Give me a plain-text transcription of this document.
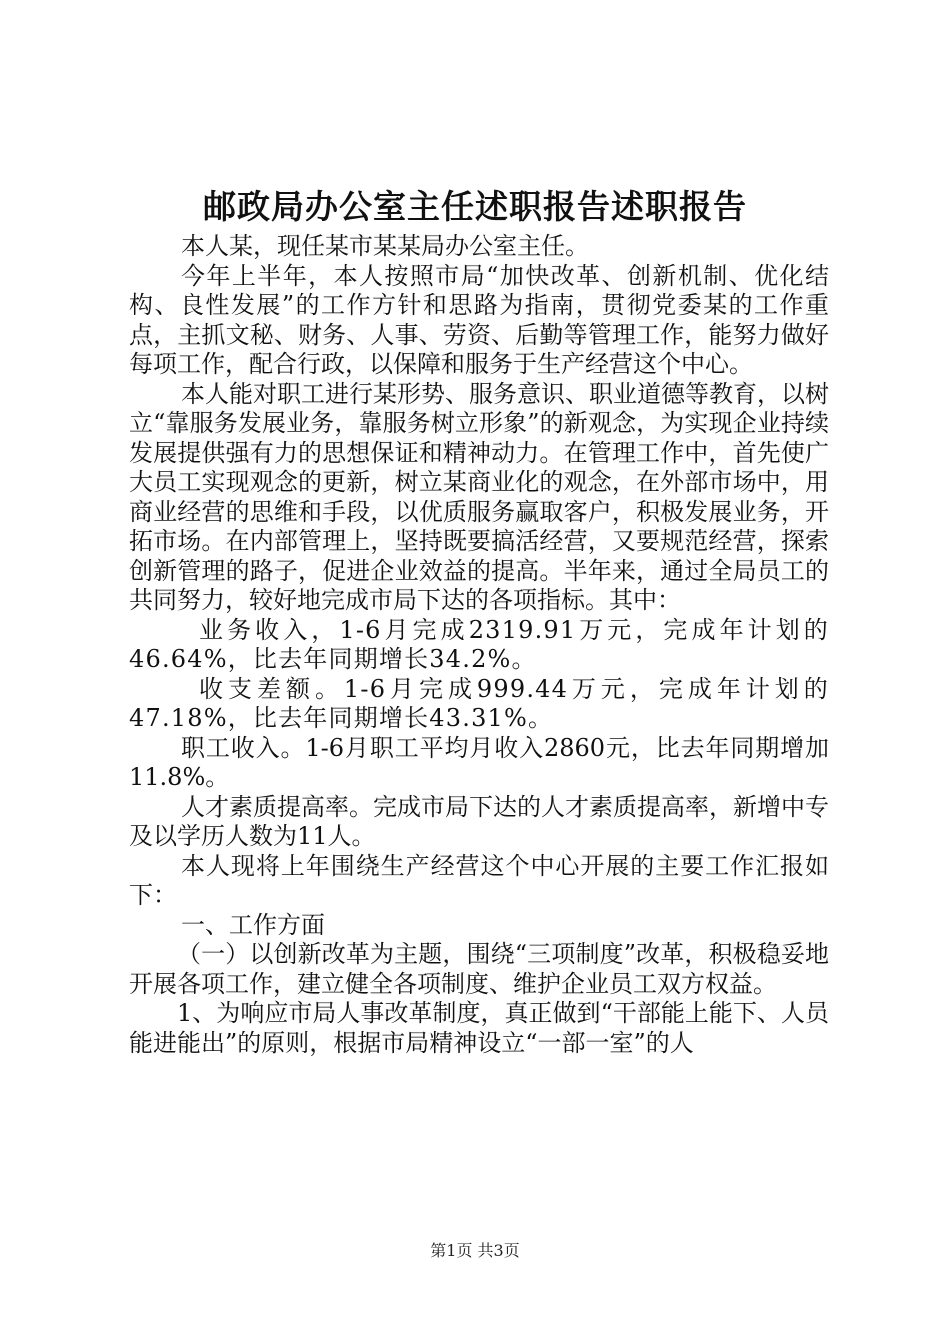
邮政局办公室主任述职报告述职报告

本人某，现任某市某某局办公室主任。

今年上半年，本人按照市局“加快改革、创新机制、优化结构、良性发展”的工作方针和思路为指南，贯彻党委某的工作重点，主抓文秘、财务、人事、劳资、后勤等管理工作，能努力做好每项工作，配合行政，以保障和服务于生产经营这个中心。

本人能对职工进行某形势、服务意识、职业道德等教育，以树立“靠服务发展业务，靠服务树立形象”的新观念，为实现企业持续发展提供强有力的思想保证和精神动力。在管理工作中，首先使广大员工实现观念的更新，树立某商业化的观念，在外部市场中，用商业经营的思维和手段，以优质服务赢取客户，积极发展业务，开拓市场。在内部管理上，坚持既要搞活经营，又要规范经营，探索创新管理的路子，促进企业效益的提高。半年来，通过全局员工的共同努力，较好地完成市局下达的各项指标。其中：

业务收入，1-6月完成2319.91万元，完成年计划的46.64%，比去年同期增长34.2%。

收支差额。1-6月完成999.44万元，完成年计划的47.18%，比去年同期增长43.31%。

职工收入。1-6月职工平均月收入2860元，比去年同期增加11.8%。

人才素质提高率。完成市局下达的人才素质提高率，新增中专及以学历人数为11人。

本人现将上年围绕生产经营这个中心开展的主要工作汇报如下：

一、工作方面

（一）以创新改革为主题，围绕“三项制度”改革，积极稳妥地开展各项工作，建立健全各项制度、维护企业员工双方权益。

1、为响应市局人事改革制度，真正做到“干部能上能下、人员能进能出”的原则，根据市局精神设立“一部一室”的人

第1页 共3页
